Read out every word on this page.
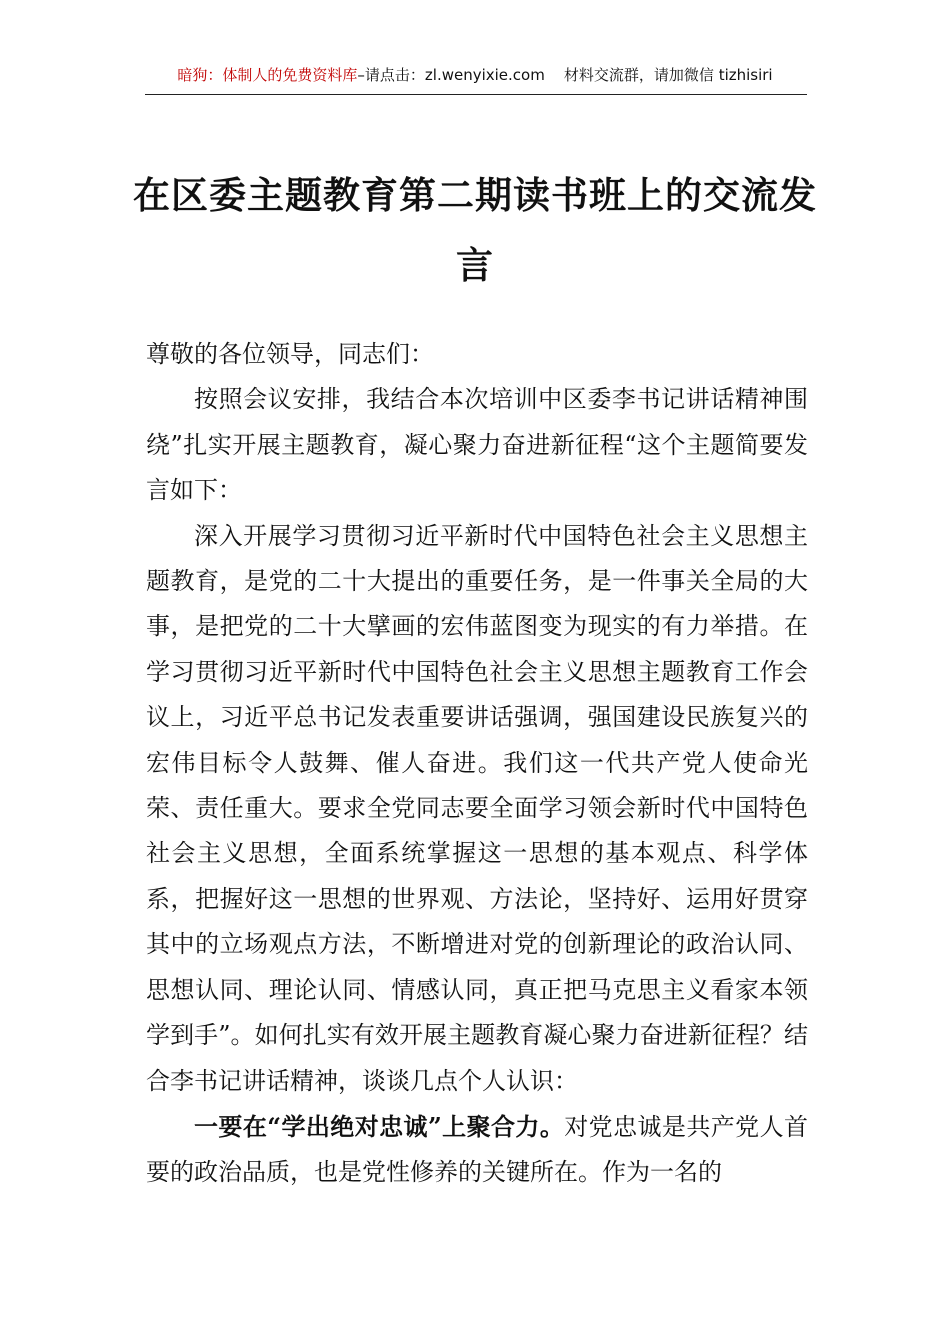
暗狗：体制人的免费资料库–请点击：zl.wenyixie.com 材料交流群，请加微信 tizhisiri
在区委主题教育第二期读书班上的交流发言

尊敬的各位领导，同志们：

按照会议安排，我结合本次培训中区委李书记讲话精神围绕”扎实开展主题教育，凝心聚力奋进新征程“这个主题简要发言如下：

深入开展学习贯彻习近平新时代中国特色社会主义思想主题教育，是党的二十大提出的重要任务，是一件事关全局的大事，是把党的二十大擘画的宏伟蓝图变为现实的有力举措。在学习贯彻习近平新时代中国特色社会主义思想主题教育工作会议上，习近平总书记发表重要讲话强调，强国建设民族复兴的宏伟目标令人鼓舞、催人奋进。我们这一代共产党人使命光荣、责任重大。要求全党同志要全面学习领会新时代中国特色社会主义思想，全面系统掌握这一思想的基本观点、科学体系，把握好这一思想的世界观、方法论，坚持好、运用好贯穿其中的立场观点方法，不断增进对党的创新理论的政治认同、思想认同、理论认同、情感认同，真正把马克思主义看家本领学到手”。如何扎实有效开展主题教育凝心聚力奋进新征程？结合李书记讲话精神，谈谈几点个人认识：

一要在“学出绝对忠诚”上聚合力。对党忠诚是共产党人首要的政治品质，也是党性修养的关键所在。作为一名的
